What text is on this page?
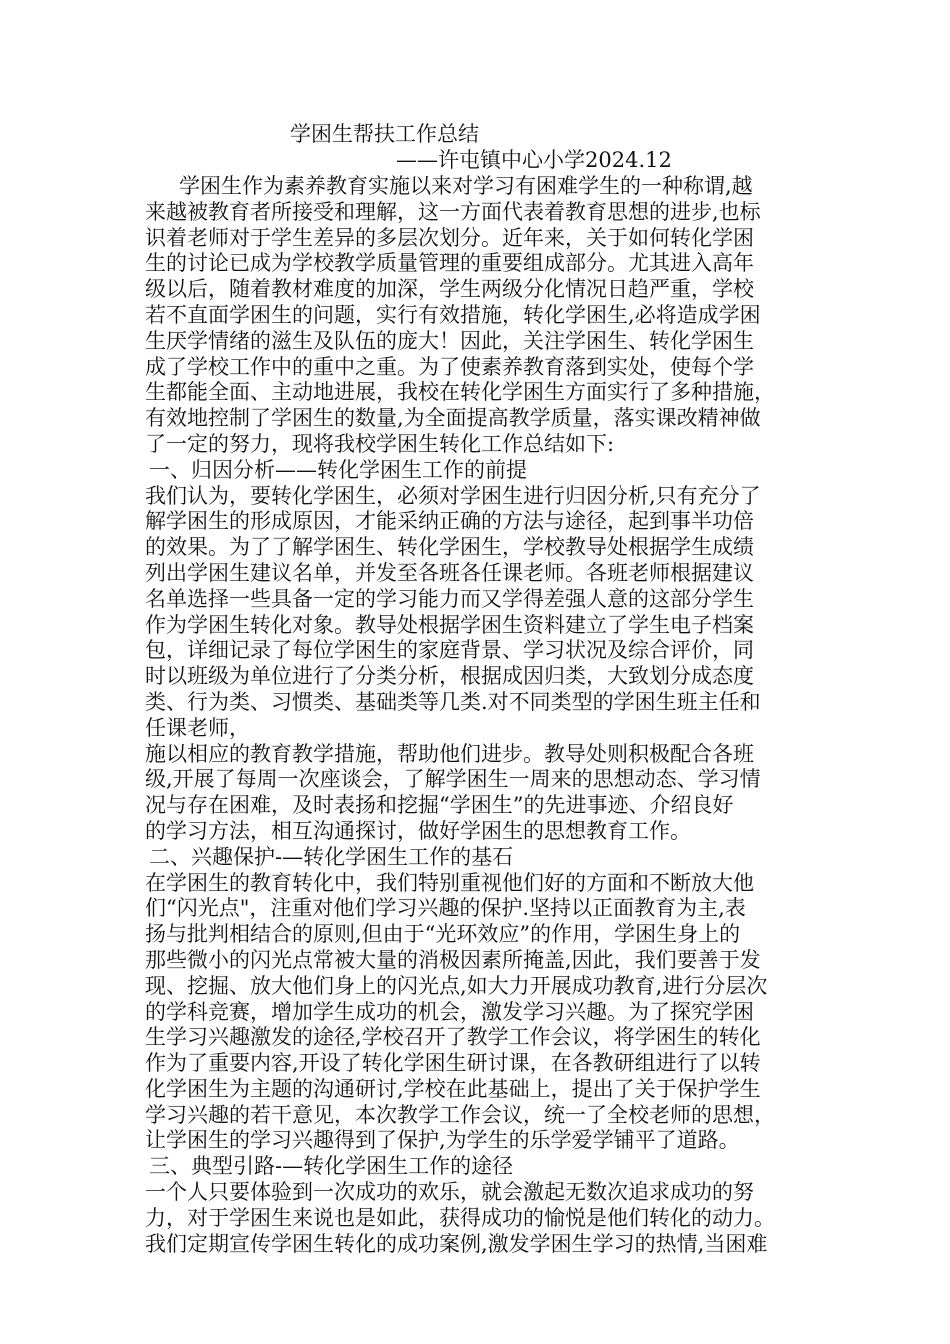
学困生帮扶工作总结
——许屯镇中心小学2024.12
学困生作为素养教育实施以来对学习有困难学生的一种称谓,越
来越被教育者所接受和理解，这一方面代表着教育思想的进步,也标
识着老师对于学生差异的多层次划分。近年来，关于如何转化学困
生的讨论已成为学校教学质量管理的重要组成部分。尤其进入高年
级以后，随着教材难度的加深，学生两级分化情况日趋严重，学校
若不直面学困生的问题，实行有效措施，转化学困生,必将造成学困
生厌学情绪的滋生及队伍的庞大！因此，关注学困生、转化学困生
成了学校工作中的重中之重。为了使素养教育落到实处，使每个学
生都能全面、主动地进展，我校在转化学困生方面实行了多种措施，
有效地控制了学困生的数量,为全面提高教学质量，落实课改精神做
了一定的努力，现将我校学困生转化工作总结如下:
一、归因分析——转化学困生工作的前提
我们认为，要转化学困生，必须对学困生进行归因分析,只有充分了
解学困生的形成原因，才能采纳正确的方法与途径，起到事半功倍
的效果。为了了解学困生、转化学困生，学校教导处根据学生成绩
列出学困生建议名单，并发至各班各任课老师。各班老师根据建议
名单选择一些具备一定的学习能力而又学得差强人意的这部分学生
作为学困生转化对象。教导处根据学困生资料建立了学生电子档案
包，详细记录了每位学困生的家庭背景、学习状况及综合评价，同
时以班级为单位进行了分类分析，根据成因归类，大致划分成态度
类、行为类、习惯类、基础类等几类.对不同类型的学困生班主任和
任课老师，
施以相应的教育教学措施，帮助他们进步。教导处则积极配合各班
级,开展了每周一次座谈会，了解学困生一周来的思想动态、学习情
况与存在困难，及时表扬和挖掘“学困生”的先进事迹、介绍良好
的学习方法，相互沟通探讨，做好学困生的思想教育工作。
二、兴趣保护-—转化学困生工作的基石
在学困生的教育转化中，我们特别重视他们好的方面和不断放大他
们“闪光点"，注重对他们学习兴趣的保护.坚持以正面教育为主,表
扬与批判相结合的原则,但由于“光环效应”的作用，学困生身上的
那些微小的闪光点常被大量的消极因素所掩盖,因此，我们要善于发
现、挖掘、放大他们身上的闪光点,如大力开展成功教育,进行分层次
的学科竞赛，增加学生成功的机会，激发学习兴趣。为了探究学困
生学习兴趣激发的途径,学校召开了教学工作会议，将学困生的转化
作为了重要内容,开设了转化学困生研讨课，在各教研组进行了以转
化学困生为主题的沟通研讨,学校在此基础上，提出了关于保护学生
学习兴趣的若干意见，本次教学工作会议，统一了全校老师的思想，
让学困生的学习兴趣得到了保护,为学生的乐学爱学铺平了道路。
三、典型引路-—转化学困生工作的途径
一个人只要体验到一次成功的欢乐，就会激起无数次追求成功的努
力，对于学困生来说也是如此，获得成功的愉悦是他们转化的动力。
我们定期宣传学困生转化的成功案例,激发学困生学习的热情,当困难
